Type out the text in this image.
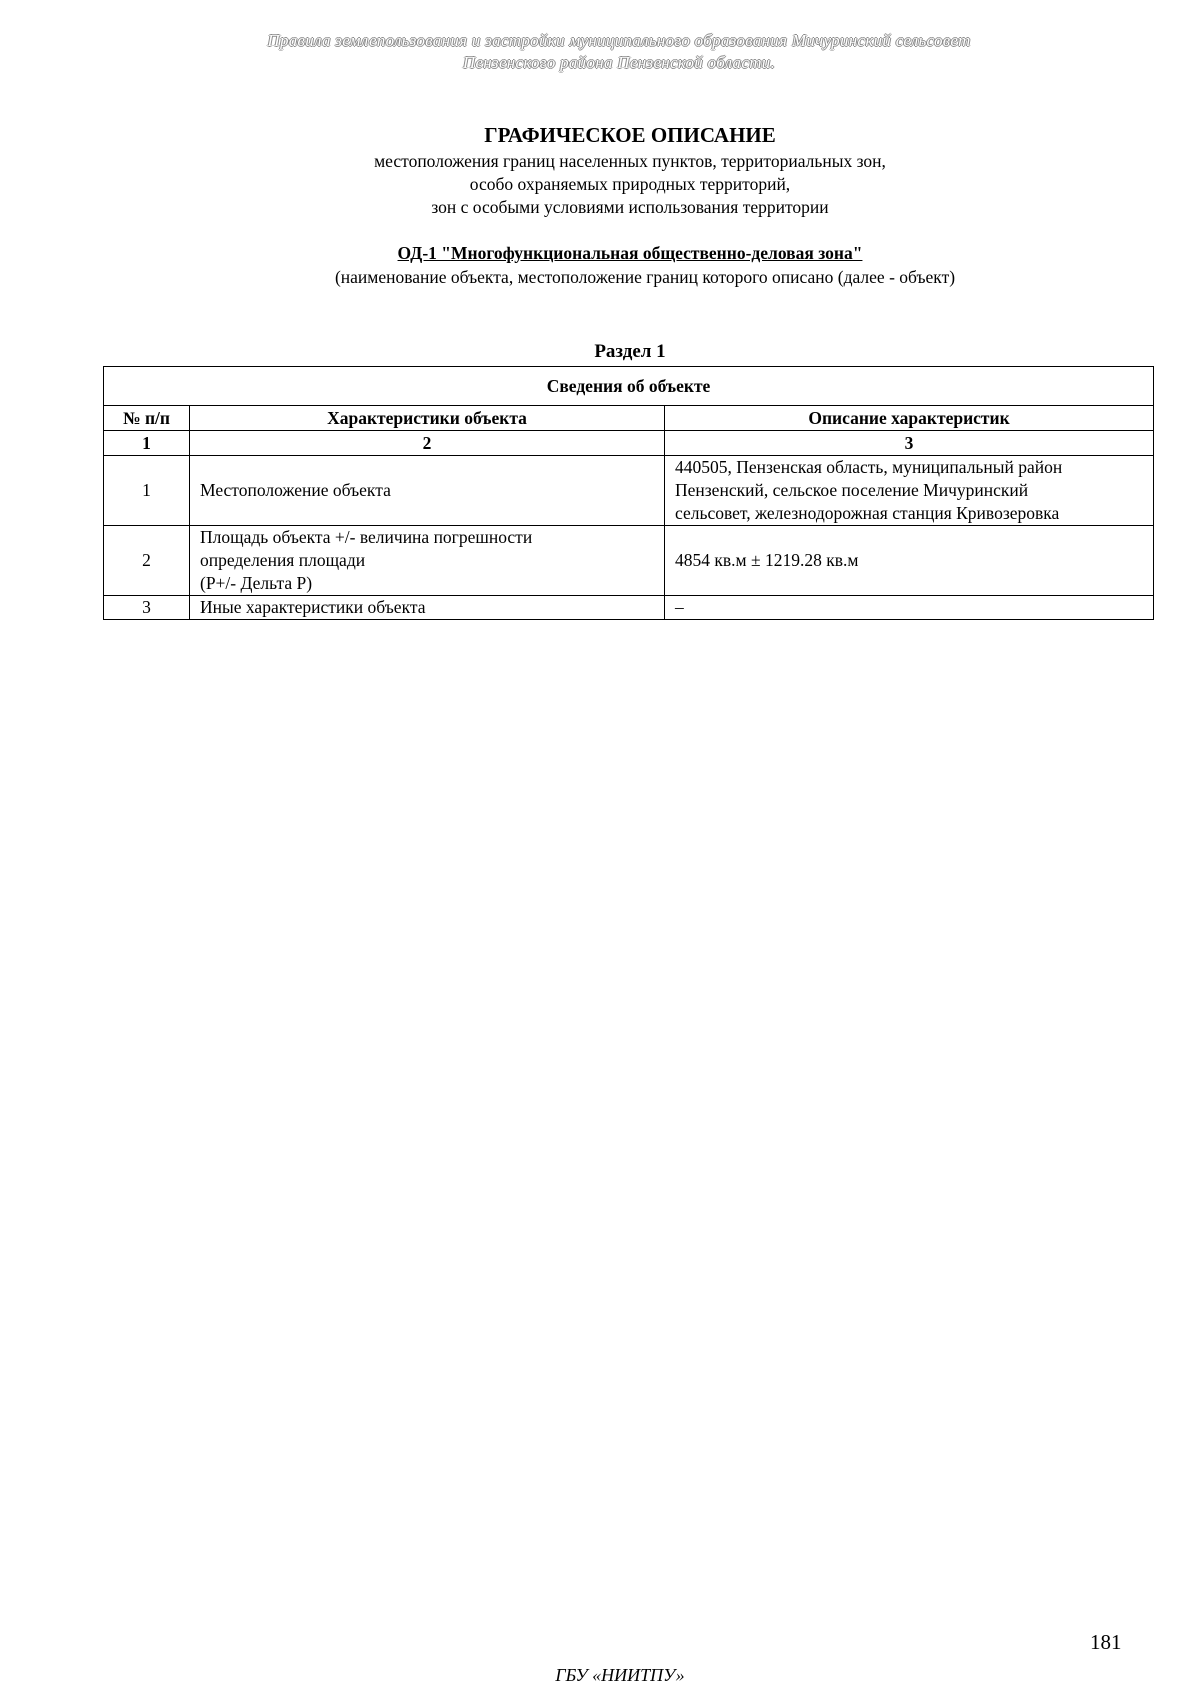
Правила землепользования и застройки муниципального образования Мичуринский сельсовет
Пензенского района Пензенской области.
ГРАФИЧЕСКОЕ ОПИСАНИЕ
местоположения границ населенных пунктов, территориальных зон,
особо охраняемых природных территорий,
зон с особыми условиями использования территории
ОД-1 "Многофункциональная общественно-деловая зона"
(наименование объекта, местоположение границ которого описано (далее - объект)
Раздел 1
Сведения об объекте		
№ п/п	Характеристики объекта	Описание характеристик
1	2	3
1	Местоположение объекта	440505, Пензенская область, муниципальный район
Пензенский, сельское поселение Мичуринский
сельсовет, железнодорожная станция Кривозеровка

2	Площадь объекта +/- величина погрешности
определения площади
(P+/- Дельта P)	4854 кв.м ± 1219.28 кв.м

3	Иные характеристики объекта	–
181
ГБУ «НИИТПУ»
